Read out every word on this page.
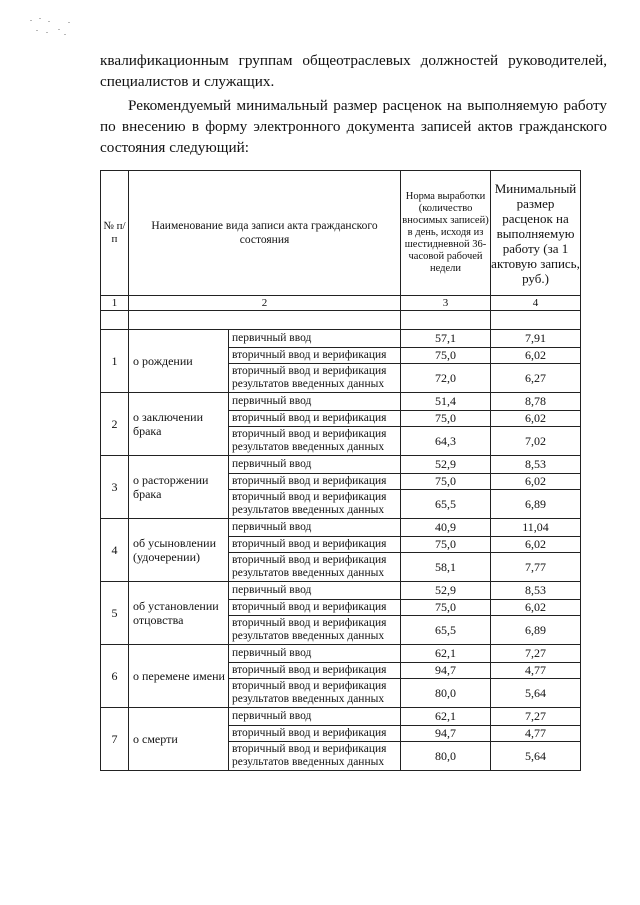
квалификационным группам общеотраслевых должностей руководителей, специалистов и служащих.

Рекомендуемый минимальный размер расценок на выполняемую работу по внесению в форму электронного документа записей актов гражданского состояния следующий:

№ п/п	Наименование вида записи акта гражданского состояния		Норма выработки (количество вносимых записей) в день, исходя из шестидневной 36-часовой рабочей недели	Минимальный размер расценок на выполняемую работу (за 1 актовую запись, руб.)
1	2		3	4

1	о рождении	первичный ввод	57,1	7,91
		вторичный ввод и верификация	75,0	6,02
		вторичный ввод и верификация результатов введенных данных	72,0	6,27
2	о заключении брака	первичный ввод	51,4	8,78
		вторичный ввод и верификация	75,0	6,02
		вторичный ввод и верификация результатов введенных данных	64,3	7,02
3	о расторжении брака	первичный ввод	52,9	8,53
		вторичный ввод и верификация	75,0	6,02
		вторичный ввод и верификация результатов введенных данных	65,5	6,89
4	об усыновлении (удочерении)	первичный ввод	40,9	11,04
		вторичный ввод и верификация	75,0	6,02
		вторичный ввод и верификация результатов введенных данных	58,1	7,77
5	об установлении отцовства	первичный ввод	52,9	8,53
		вторичный ввод и верификация	75,0	6,02
		вторичный ввод и верификация результатов введенных данных	65,5	6,89
6	о перемене имени	первичный ввод	62,1	7,27
		вторичный ввод и верификация	94,7	4,77
		вторичный ввод и верификация результатов введенных данных	80,0	5,64
7	о смерти	первичный ввод	62,1	7,27
		вторичный ввод и верификация	94,7	4,77
		вторичный ввод и верификация результатов введенных данных	80,0	5,64
